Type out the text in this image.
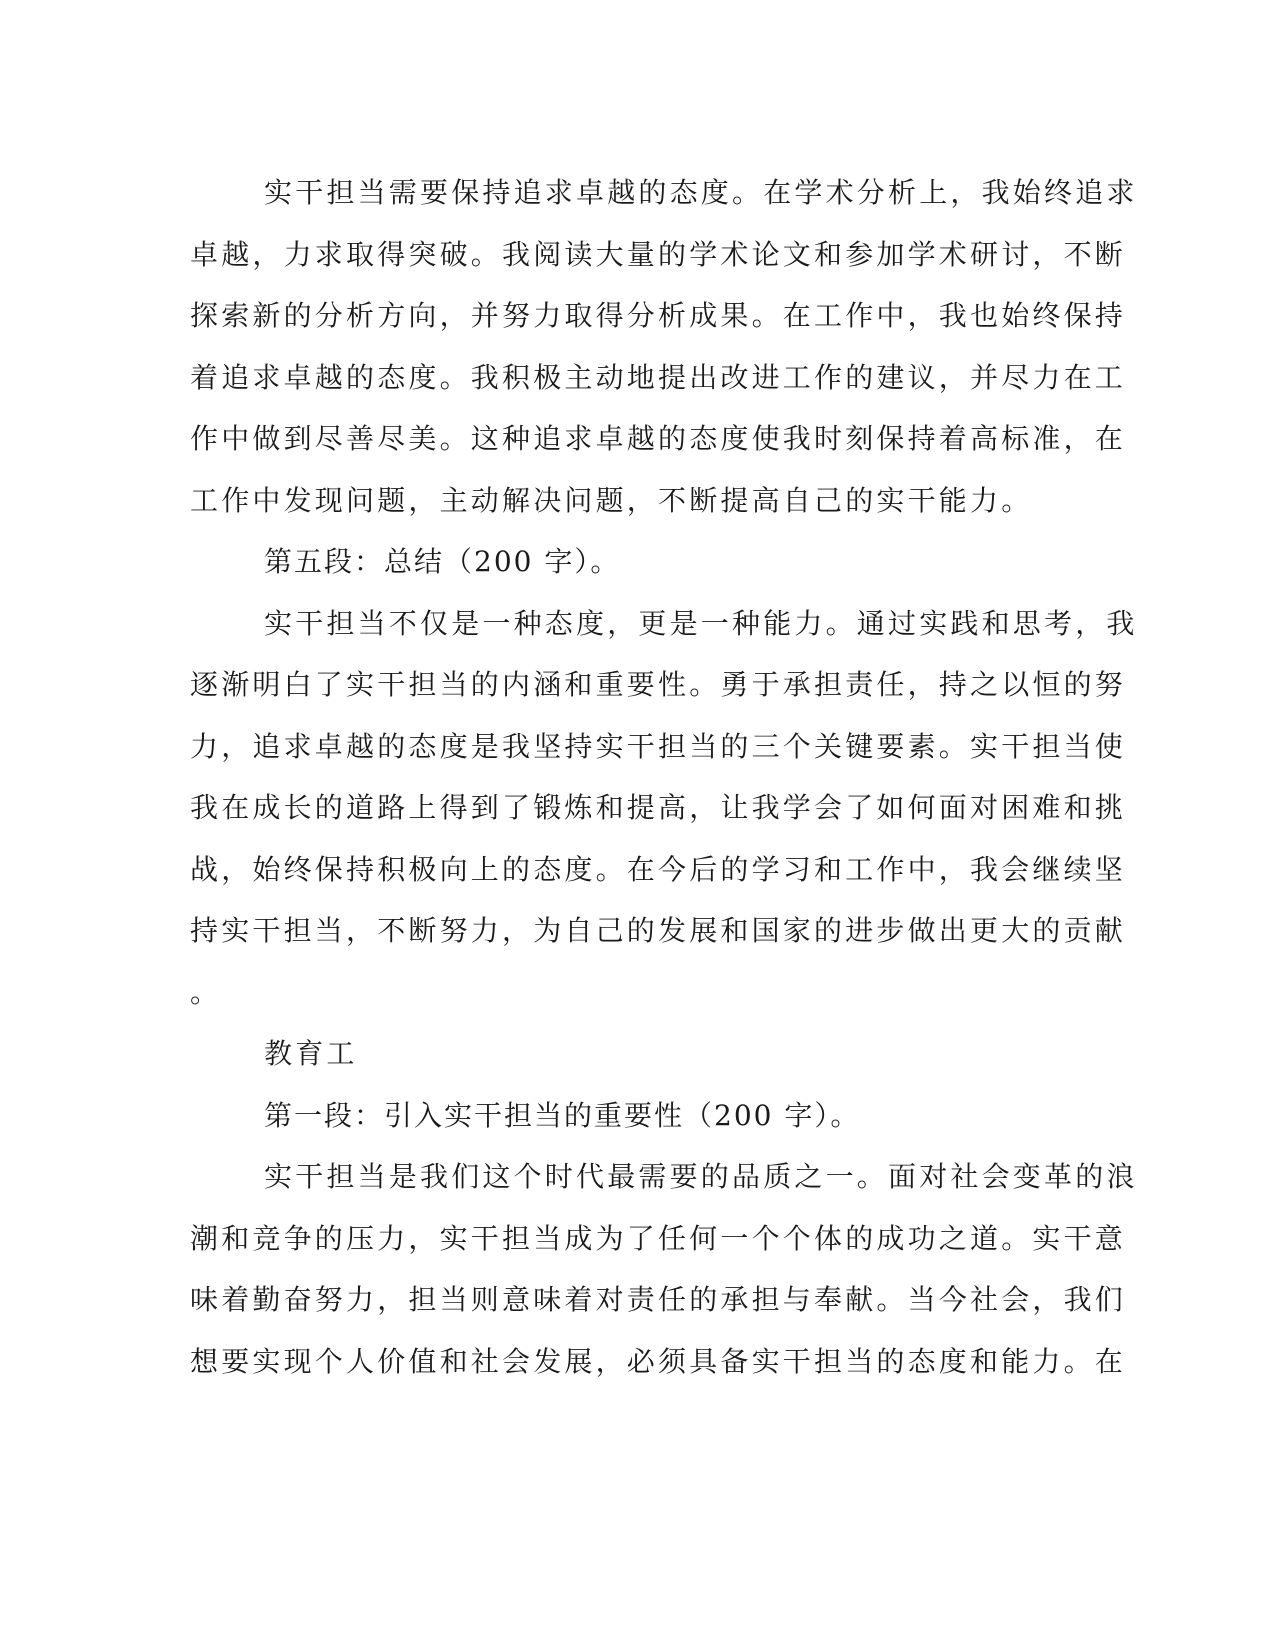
实干担当需要保持追求卓越的态度。在学术分析上，我始终追求
卓越，力求取得突破。我阅读大量的学术论文和参加学术研讨，不断
探索新的分析方向，并努力取得分析成果。在工作中，我也始终保持
着追求卓越的态度。我积极主动地提出改进工作的建议，并尽力在工
作中做到尽善尽美。这种追求卓越的态度使我时刻保持着高标准，在
工作中发现问题，主动解决问题，不断提高自己的实干能力。
第五段：总结（200 字）。
实干担当不仅是一种态度，更是一种能力。通过实践和思考，我
逐渐明白了实干担当的内涵和重要性。勇于承担责任，持之以恒的努
力，追求卓越的态度是我坚持实干担当的三个关键要素。实干担当使
我在成长的道路上得到了锻炼和提高，让我学会了如何面对困难和挑
战，始终保持积极向上的态度。在今后的学习和工作中，我会继续坚
持实干担当，不断努力，为自己的发展和国家的进步做出更大的贡献
。
教育工
第一段：引入实干担当的重要性（200 字）。
实干担当是我们这个时代最需要的品质之一。面对社会变革的浪
潮和竞争的压力，实干担当成为了任何一个个体的成功之道。实干意
味着勤奋努力，担当则意味着对责任的承担与奉献。当今社会，我们
想要实现个人价值和社会发展，必须具备实干担当的态度和能力。在
